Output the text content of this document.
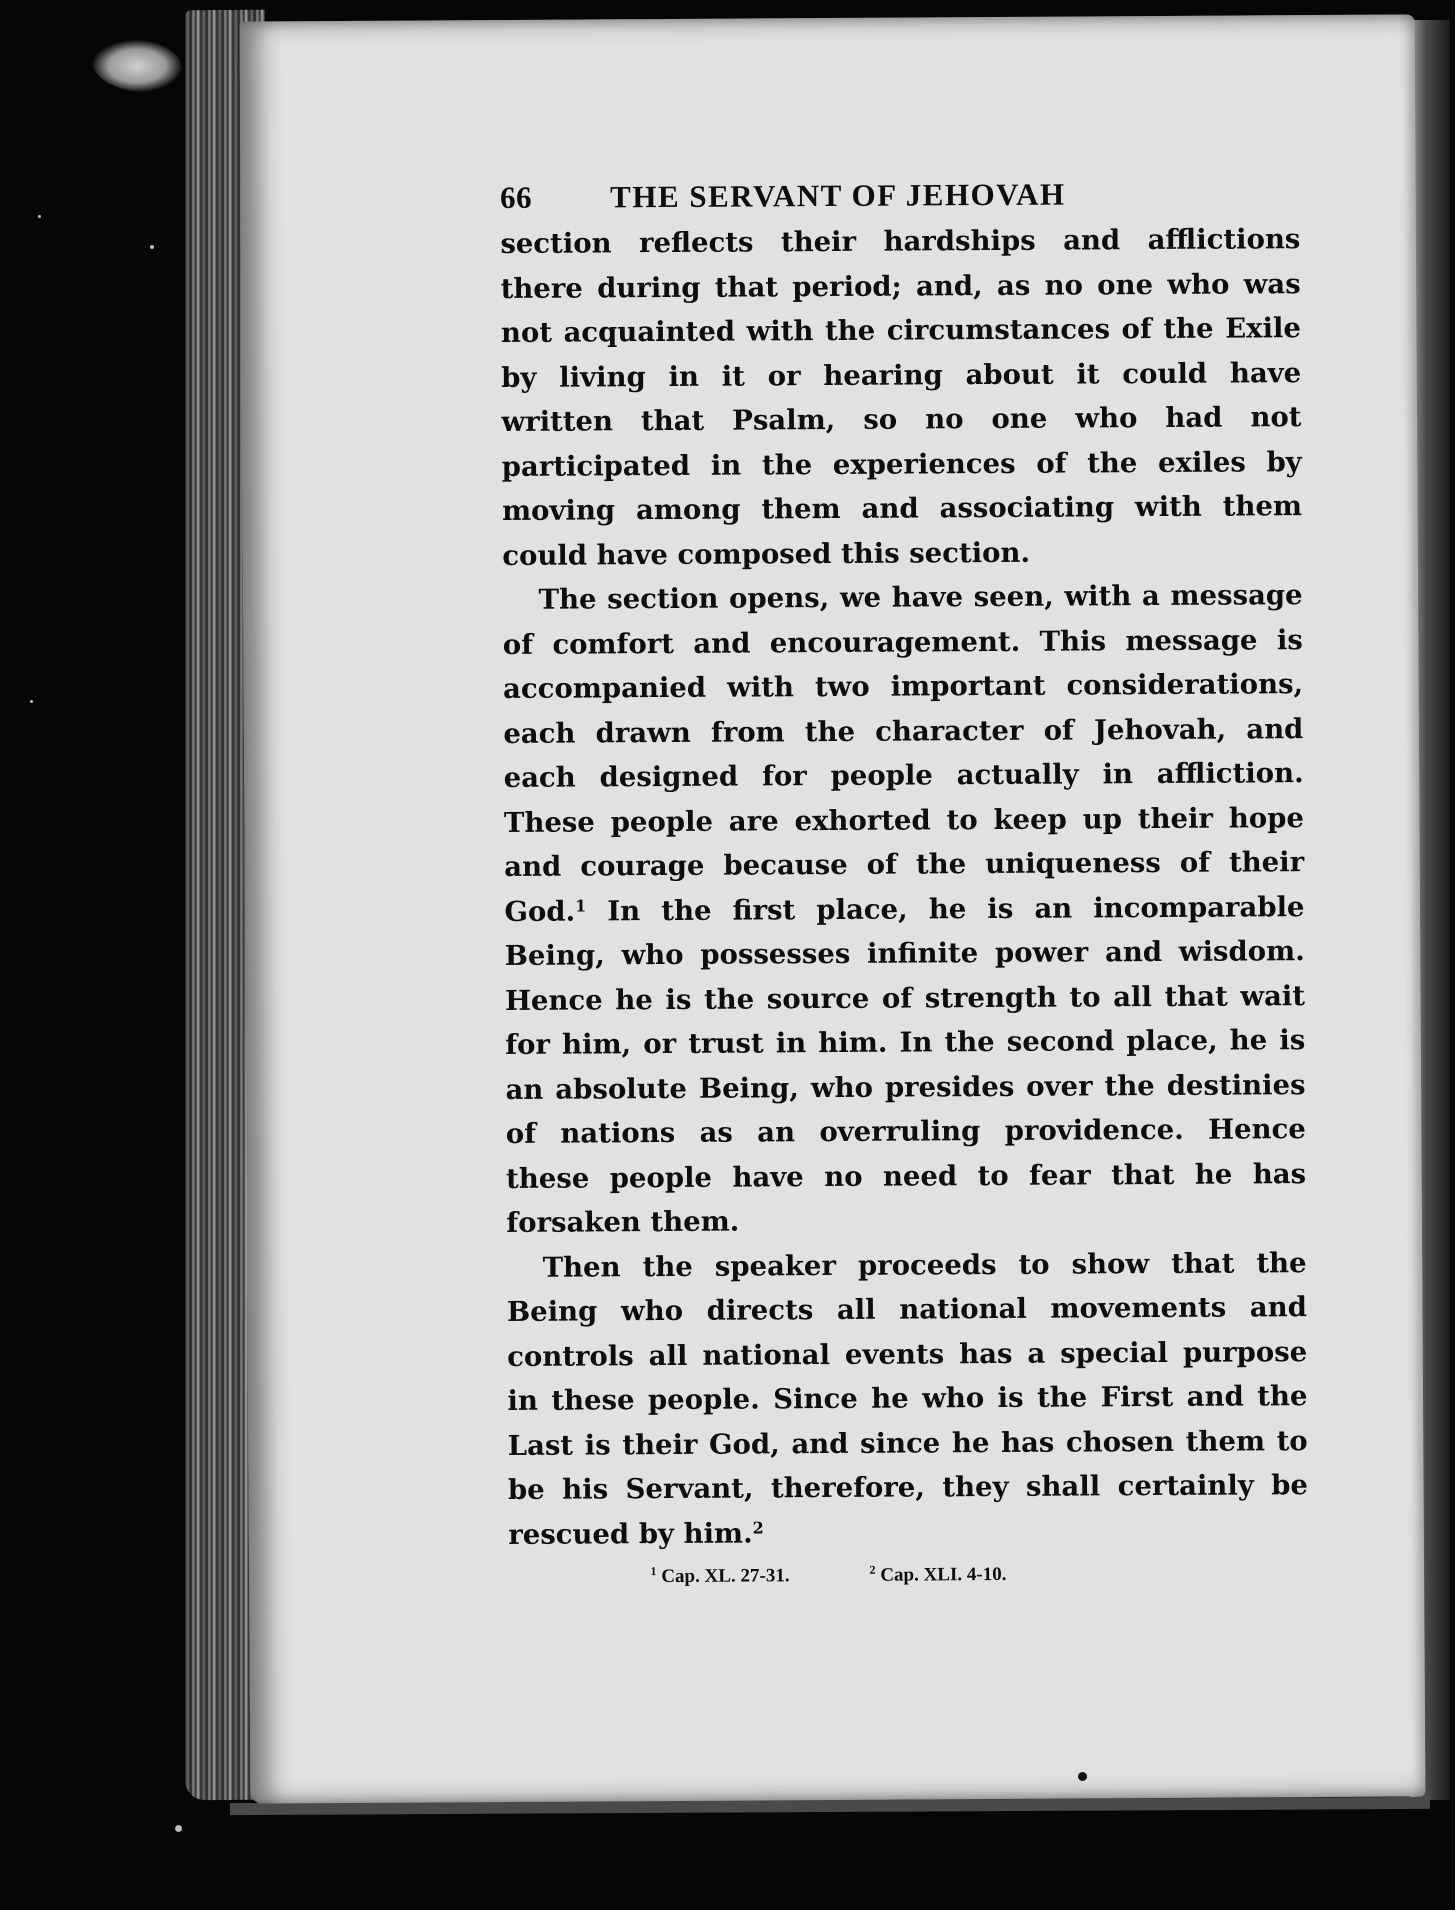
66	THE SERVANT OF JEHOVAH

section reflects their hardships and afflictions there during that period; and, as no one who was not acquainted with the circumstances of the Exile by living in it or hearing about it could have written that Psalm, so no one who had not participated in the experiences of the exiles by moving among them and associating with them could have composed this section.

The section opens, we have seen, with a message of comfort and encouragement. This message is accompanied with two important considerations, each drawn from the character of Jehovah, and each designed for people actually in affliction. These people are exhorted to keep up their hope and courage because of the uniqueness of their God.$^1$ In the first place, he is an incomparable Being, who possesses infinite power and wisdom. Hence he is the source of strength to all that wait for him, or trust in him. In the second place, he is an absolute Being, who presides over the destinies of nations as an overruling providence. Hence these people have no need to fear that he has forsaken them.

Then the speaker proceeds to show that the Being who directs all national movements and controls all national events has a special purpose in these people. Since he who is the First and the Last is their God, and since he has chosen them to be his Servant, therefore, they shall certainly be rescued by him.$^2$

$^1$ Cap. XL. 27-31.	$^2$ Cap. XLI. 4-10.
